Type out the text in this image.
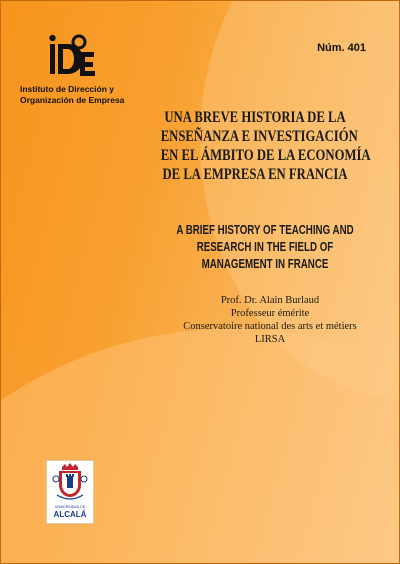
Instituto de Dirección y
Organización de Empresa
Núm. 401
UNA BREVE HISTORIA DE LA
ENSEÑANZA E INVESTIGACIÓN
EN EL ÁMBITO DE LA ECONOMÍA
DE LA EMPRESA EN FRANCIA
A BRIEF HISTORY OF TEACHING AND
RESEARCH IN THE FIELD OF
MANAGEMENT IN FRANCE
Prof. Dr. Alain Burlaud
Professeur émérite
Conservatoire national des arts et métiers
LIRSA
UNIVERSIDAD DE
ALCALÁ
